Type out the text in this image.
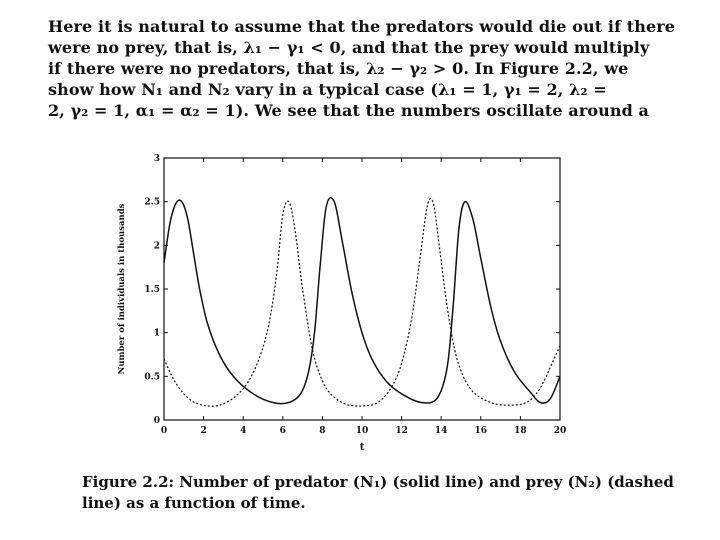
Here it is natural to assume that the predators would die out if there
were no prey, that is, λ₁ − γ₁ < 0, and that the prey would multiply
if there were no predators, that is, λ₂ − γ₂ > 0. In Figure 2.2, we
show how N₁ and N₂ vary in a typical case (λ₁ = 1, γ₁ = 2, λ₂ =
2, γ₂ = 1, α₁ = α₂ = 1). We see that the numbers oscillate around a
0	2	4	6	8	10	12	14	16	18	20
0
0.5
1
1.5
2
2.5
3
t
Number of individuals in thousands
Figure 2.2: Number of predator (N₁) (solid line) and prey (N₂) (dashed
line) as a function of time.
